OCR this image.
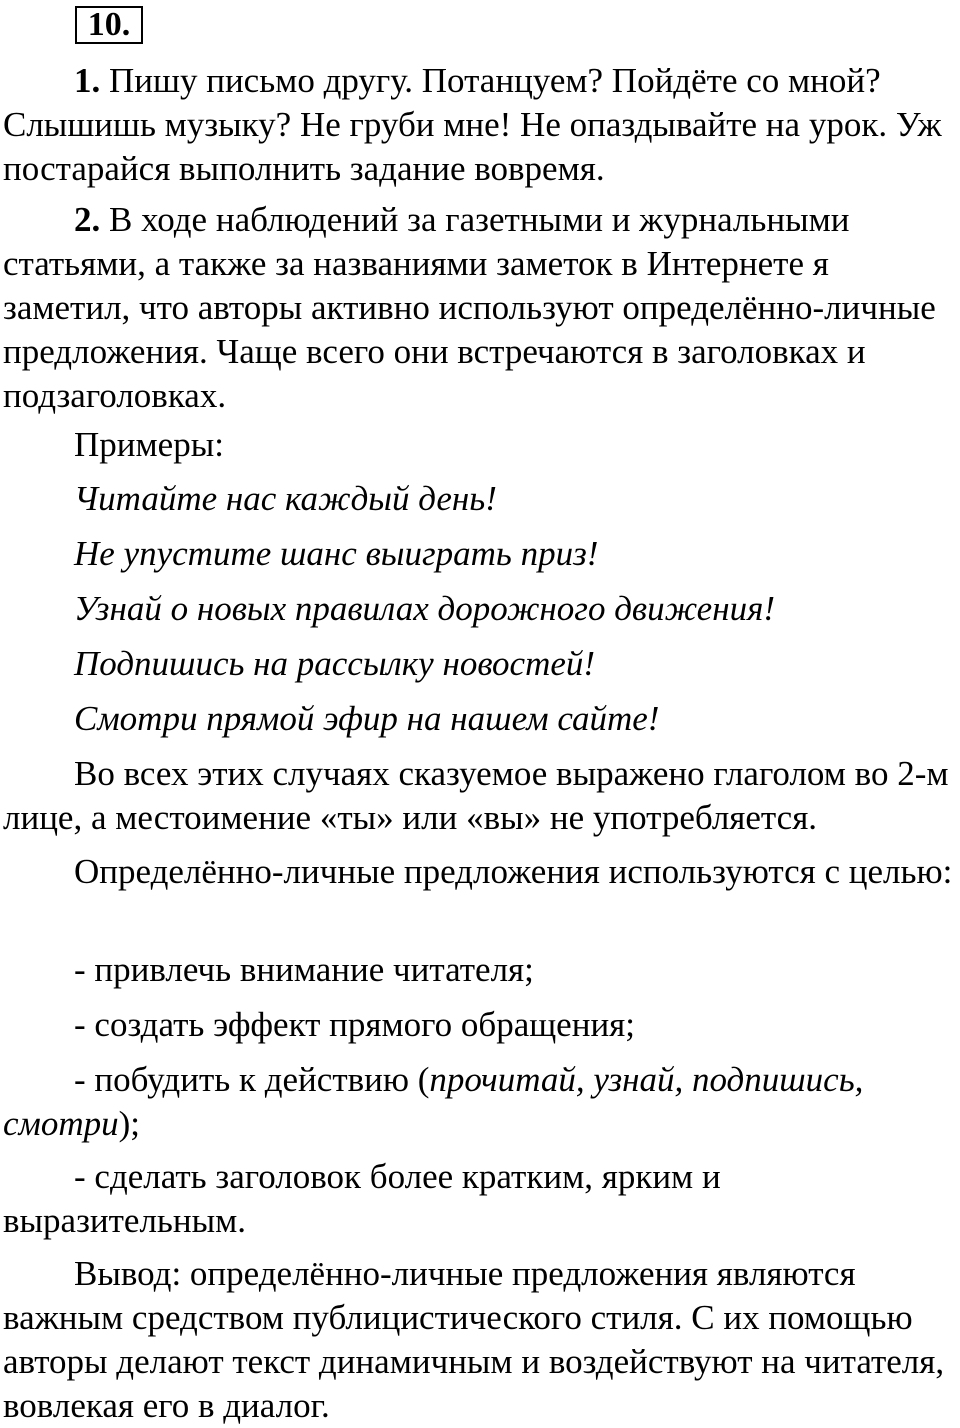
10.

1. Пишу письмо другу. Потанцуем? Пойдёте со мной? Слышишь музыку? Не груби мне! Не опаздывайте на урок. Уж постарайся выполнить задание вовремя.

2. В ходе наблюдений за газетными и журнальными статьями, а также за названиями заметок в Интернете я заметил, что авторы активно используют определённо-личные предложения. Чаще всего они встречаются в заголовках и подзаголовках.

Примеры:

Читайте нас каждый день!

Не упустите шанс выиграть приз!

Узнай о новых правилах дорожного движения!

Подпишись на рассылку новостей!

Смотри прямой эфир на нашем сайте!

Во всех этих случаях сказуемое выражено глаголом во 2-м лице, а местоимение «ты» или «вы» не употребляется.

Определённо-личные предложения используются с целью:

- привлечь внимание читателя;

- создать эффект прямого обращения;

- побудить к действию (прочитай, узнай, подпишись, смотри);

- сделать заголовок более кратким, ярким и выразительным.

Вывод: определённо-личные предложения являются важным средством публицистического стиля. С их помощью авторы делают текст динамичным и воздействуют на читателя, вовлекая его в диалог.
